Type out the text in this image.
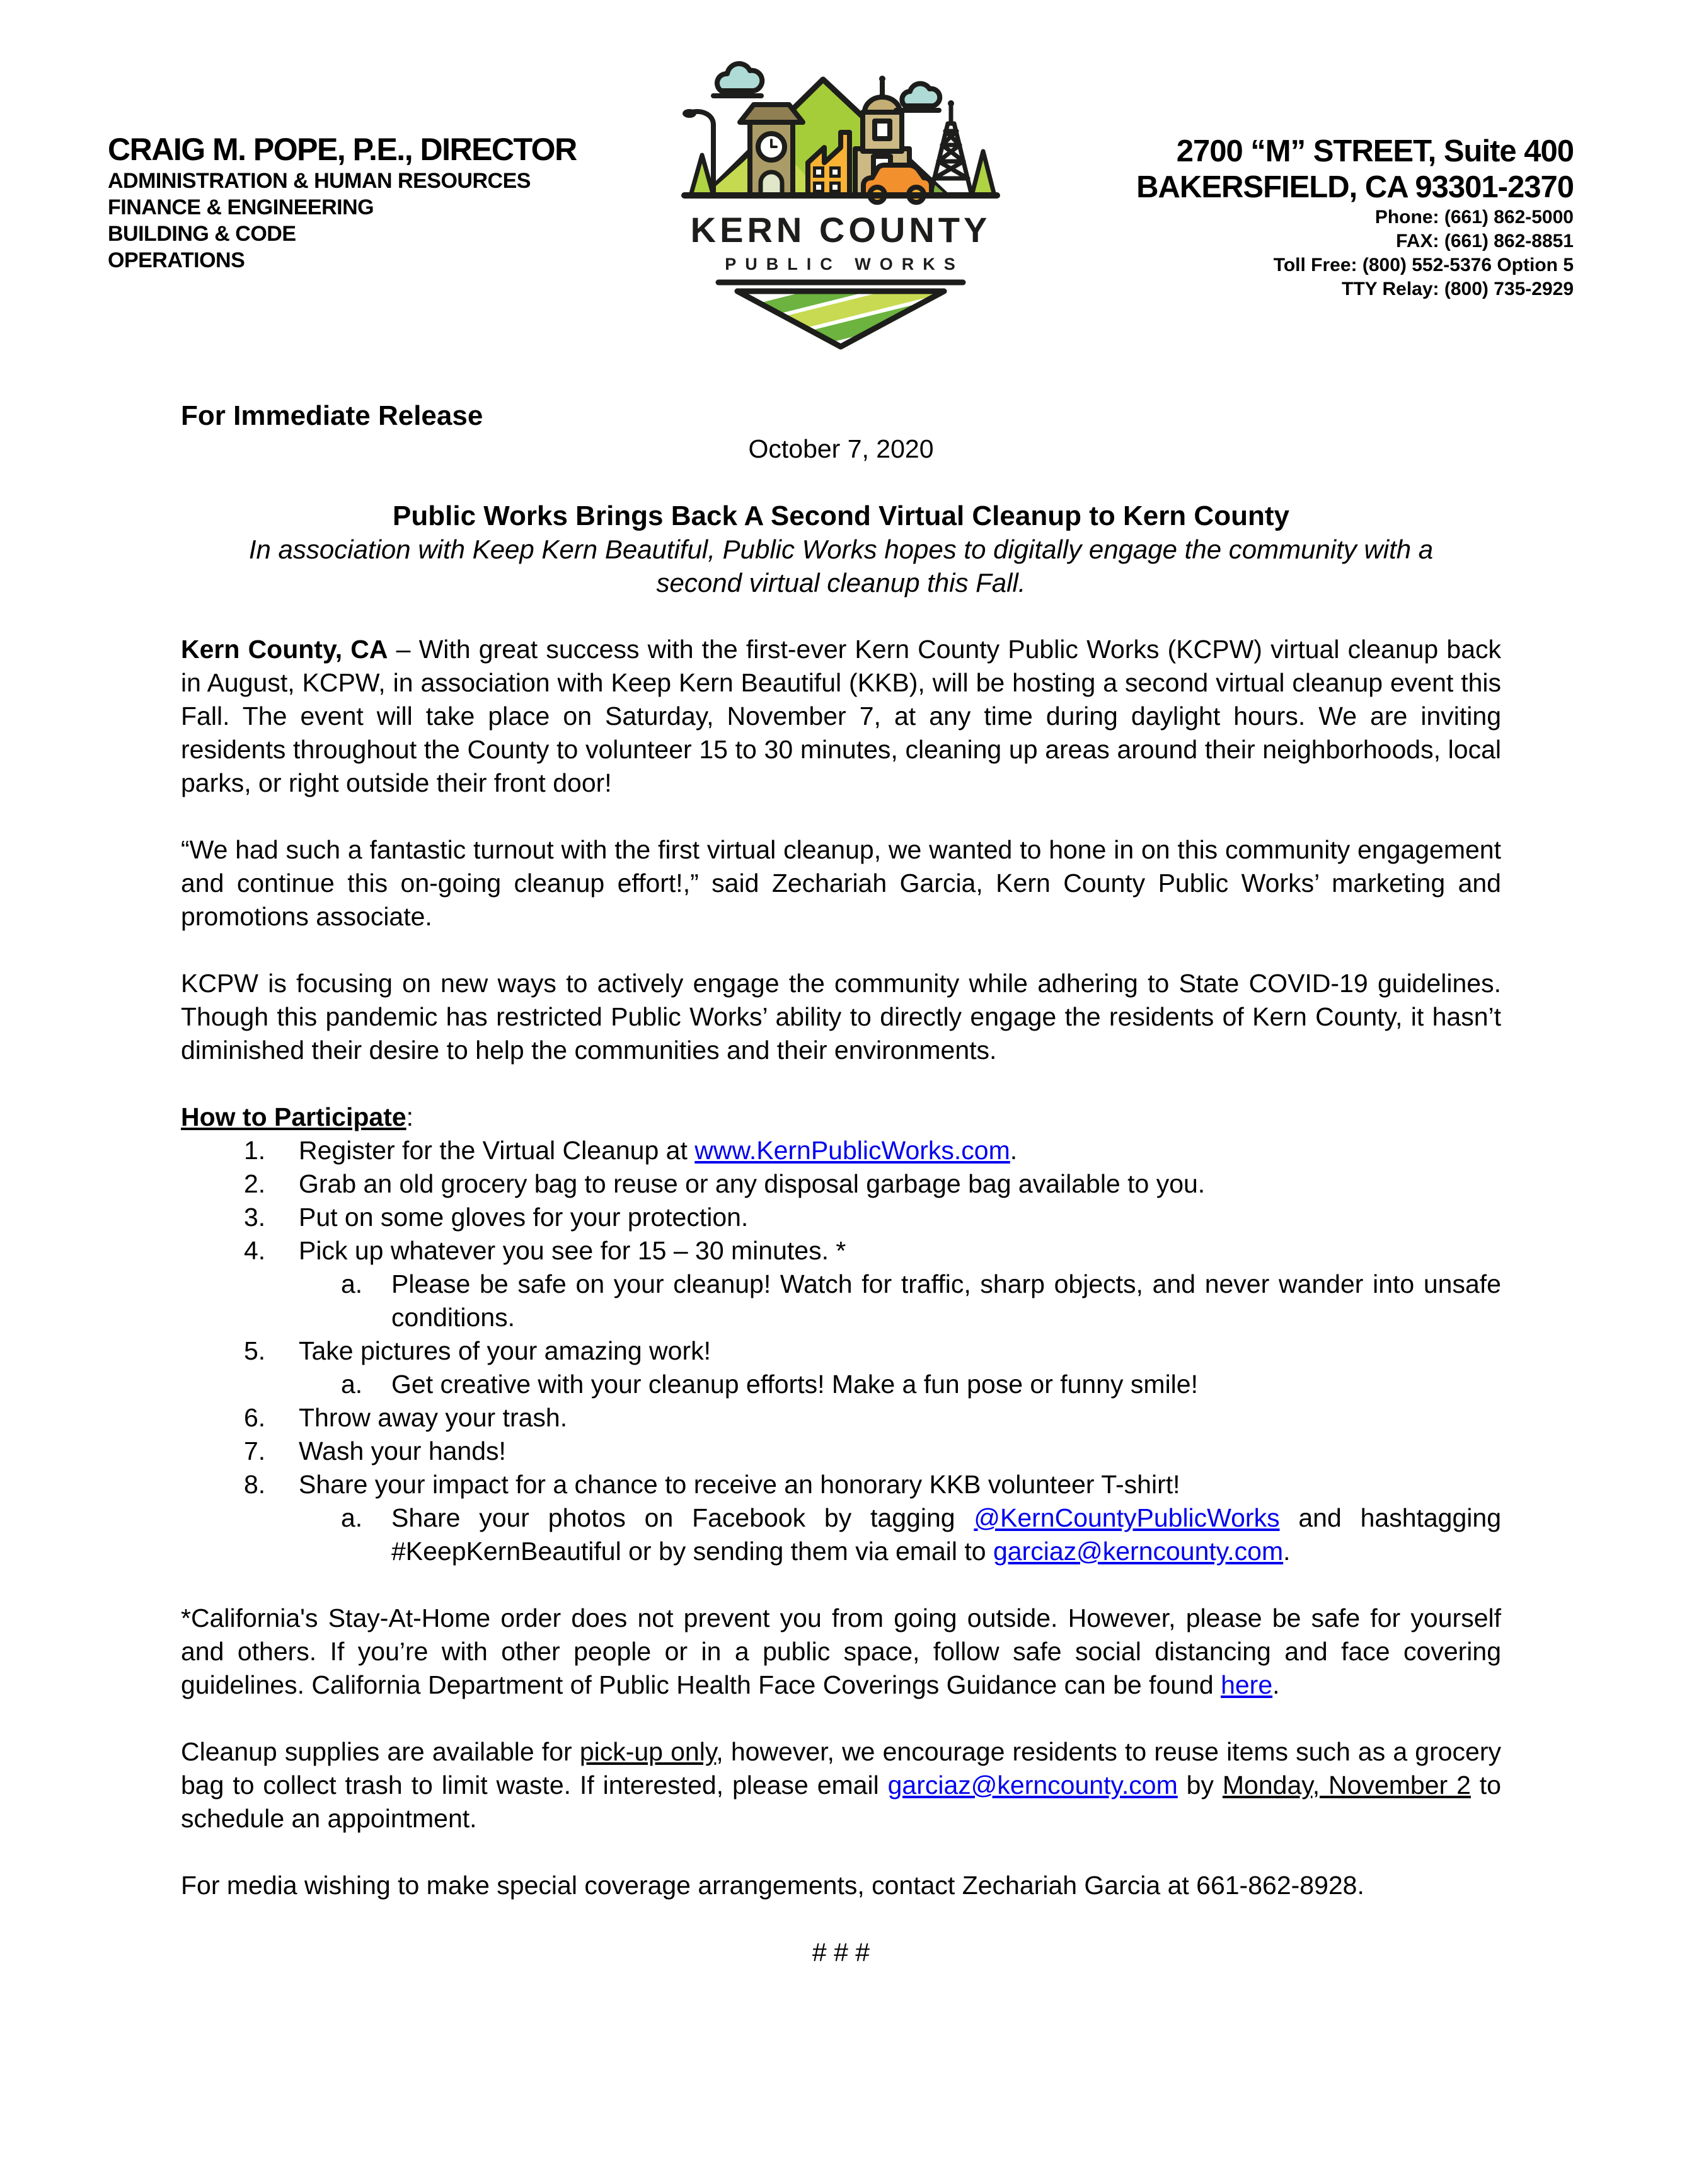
CRAIG M. POPE, P.E., DIRECTOR
ADMINISTRATION & HUMAN RESOURCES
FINANCE & ENGINEERING
BUILDING & CODE
OPERATIONS
KERN COUNTY
PUBLIC WORKS
2700 “M” STREET, Suite 400
BAKERSFIELD, CA 93301-2370
Phone: (661) 862-5000
FAX: (661) 862-8851
Toll Free: (800) 552-5376 Option 5
TTY Relay: (800) 735-2929

For Immediate Release

October 7, 2020

Public Works Brings Back A Second Virtual Cleanup to Kern County

In association with Keep Kern Beautiful, Public Works hopes to digitally engage the community with a second virtual cleanup this Fall.

Kern County, CA – With great success with the first-ever Kern County Public Works (KCPW) virtual cleanup back in August, KCPW, in association with Keep Kern Beautiful (KKB), will be hosting a second virtual cleanup event this Fall. The event will take place on Saturday, November 7, at any time during daylight hours. We are inviting residents throughout the County to volunteer 15 to 30 minutes, cleaning up areas around their neighborhoods, local parks, or right outside their front door!

“We had such a fantastic turnout with the first virtual cleanup, we wanted to hone in on this community engagement and continue this on-going cleanup effort!,” said Zechariah Garcia, Kern County Public Works’ marketing and promotions associate.

KCPW is focusing on new ways to actively engage the community while adhering to State COVID-19 guidelines. Though this pandemic has restricted Public Works’ ability to directly engage the residents of Kern County, it hasn’t diminished their desire to help the communities and their environments.

How to Participate:

1.	Register for the Virtual Cleanup at www.KernPublicWorks.com.
2.	Grab an old grocery bag to reuse or any disposal garbage bag available to you.
3.	Put on some gloves for your protection.
4.	Pick up whatever you see for 15 – 30 minutes. *
a.	Please be safe on your cleanup! Watch for traffic, sharp objects, and never wander into unsafe conditions.
5.	Take pictures of your amazing work!
a.	Get creative with your cleanup efforts! Make a fun pose or funny smile!
6.	Throw away your trash.
7.	Wash your hands!
8.	Share your impact for a chance to receive an honorary KKB volunteer T-shirt!
a.	Share your photos on Facebook by tagging @KernCountyPublicWorks and hashtagging #KeepKernBeautiful or by sending them via email to garciaz@kerncounty.com.

*California's Stay-At-Home order does not prevent you from going outside. However, please be safe for yourself and others. If you’re with other people or in a public space, follow safe social distancing and face covering guidelines. California Department of Public Health Face Coverings Guidance can be found here.

Cleanup supplies are available for pick-up only, however, we encourage residents to reuse items such as a grocery bag to collect trash to limit waste. If interested, please email garciaz@kerncounty.com by Monday, November 2 to schedule an appointment.

For media wishing to make special coverage arrangements, contact Zechariah Garcia at 661-862-8928.

# # #
